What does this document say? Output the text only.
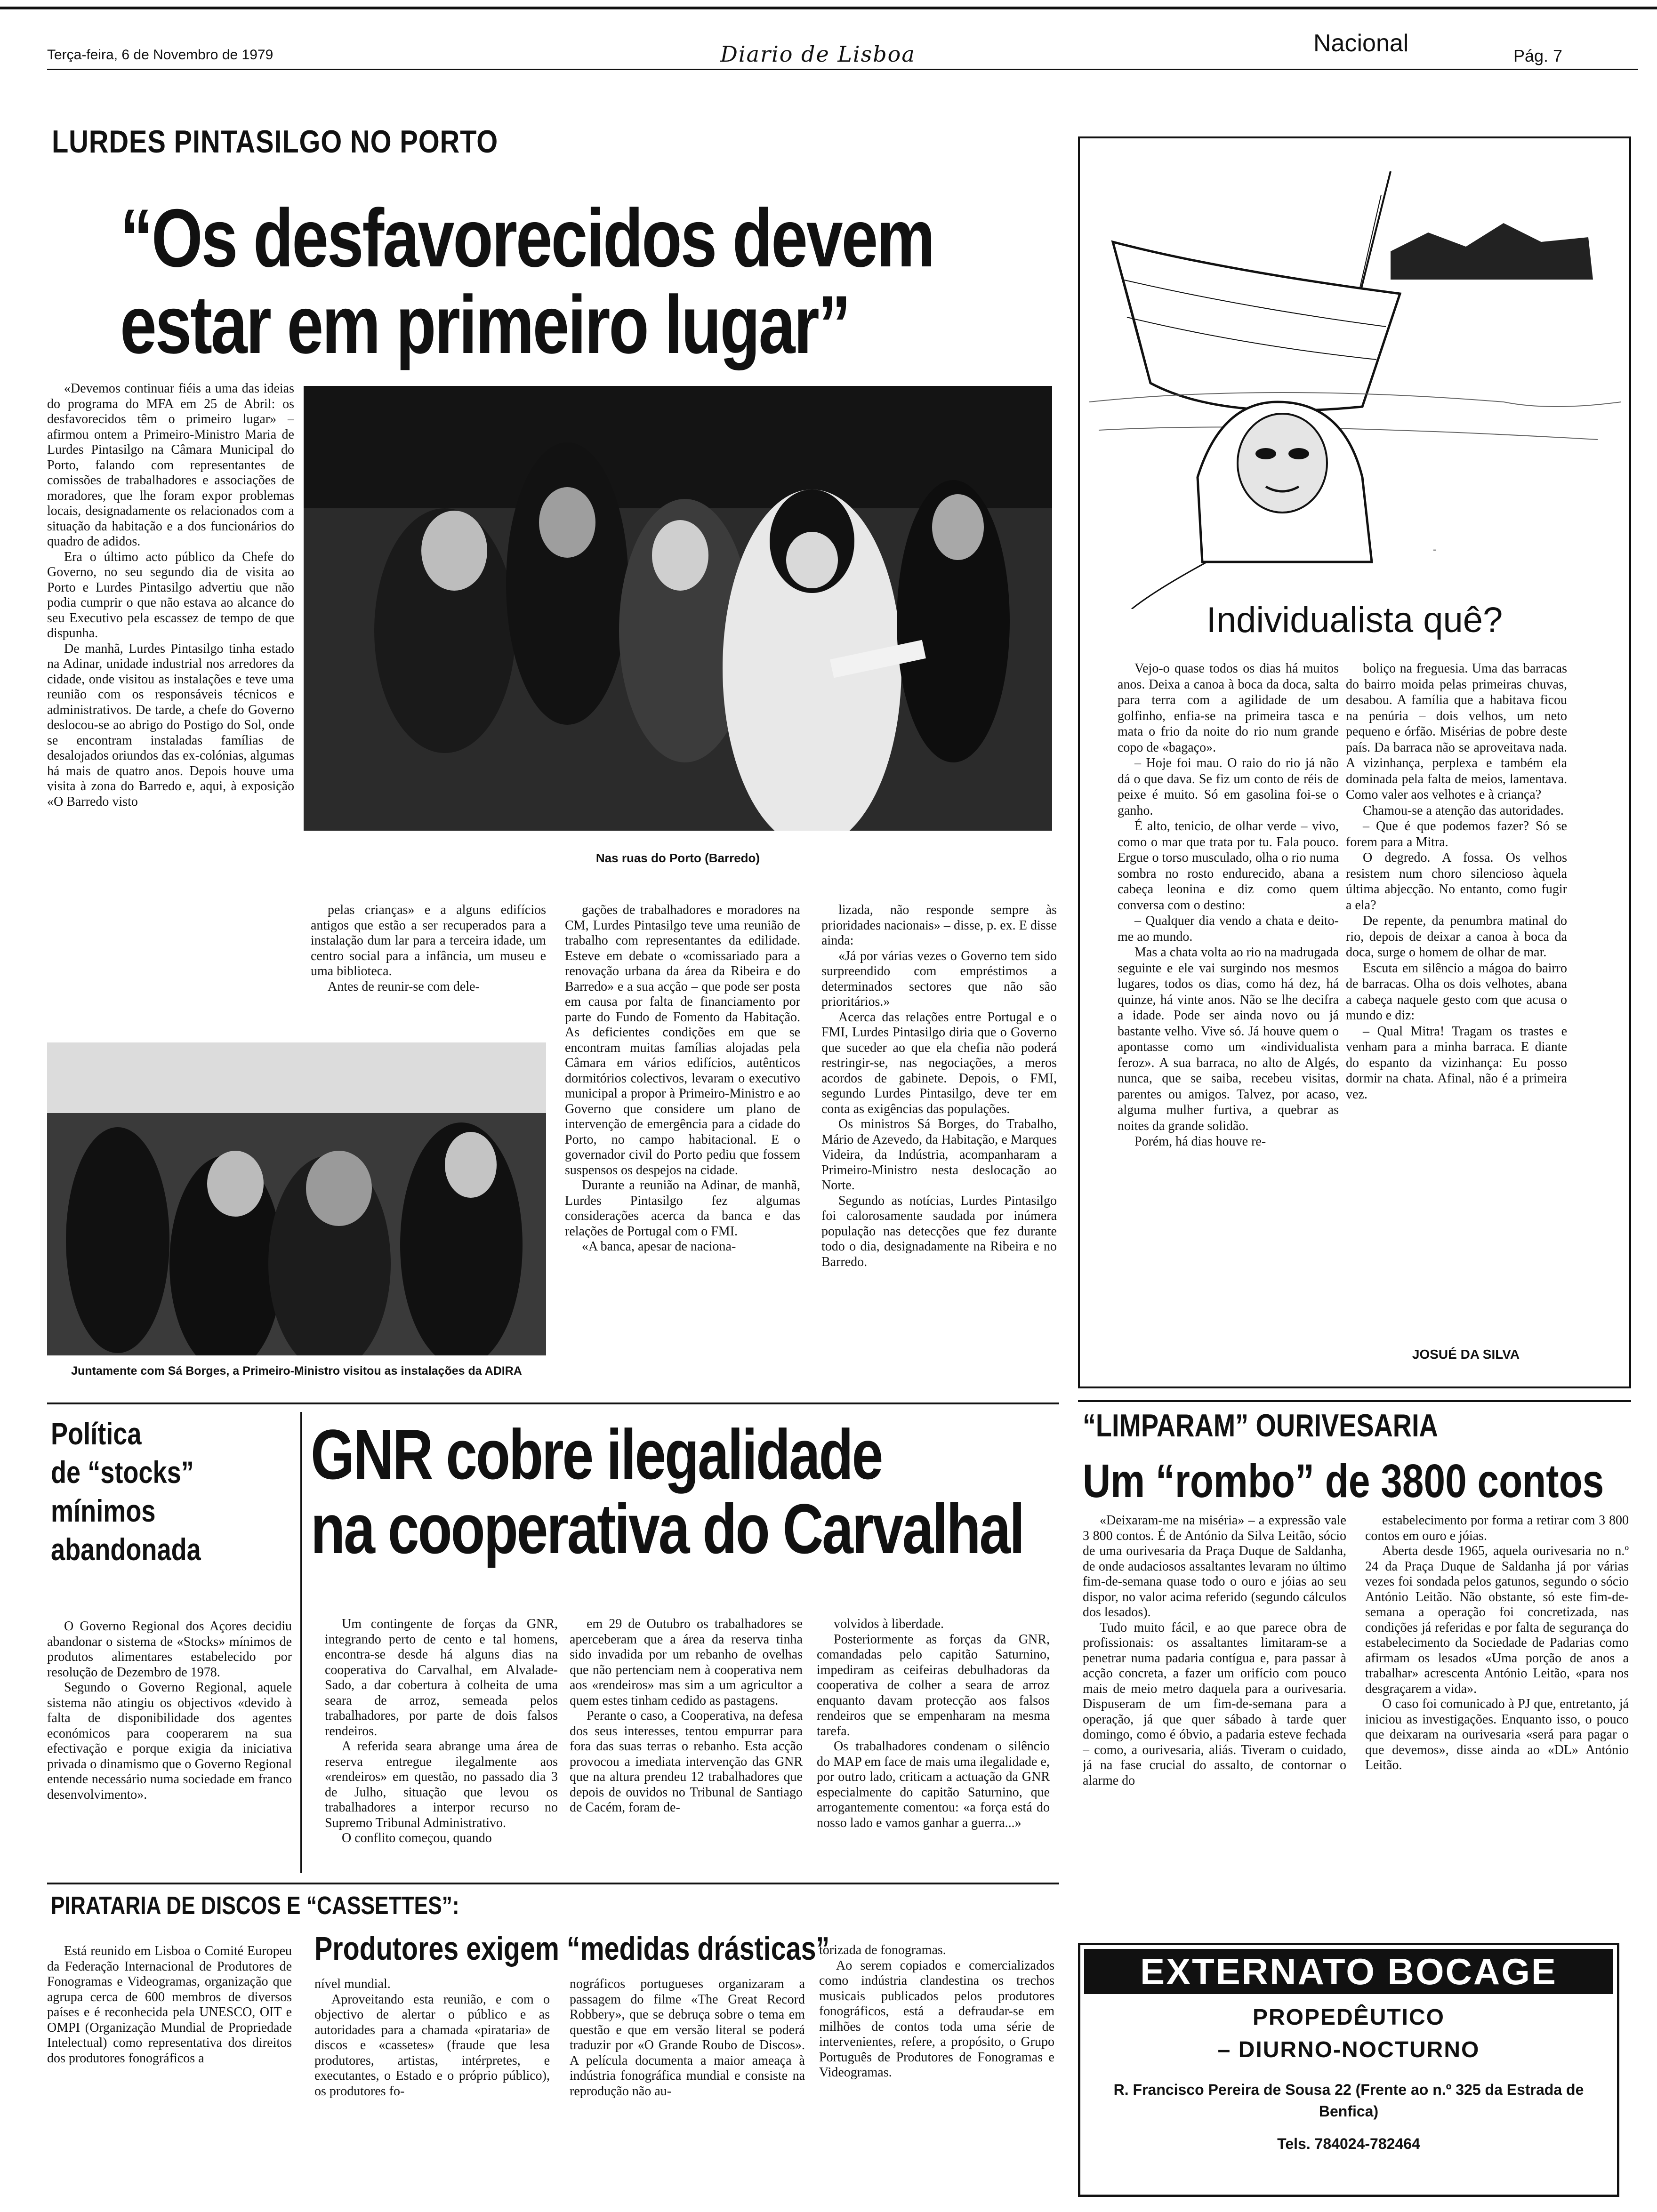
Terça-feira, 6 de Novembro de 1979	Diario de Lisboa	Nacional	Pág. 7
LURDES PINTASILGO NO PORTO
“Os desfavorecidos devem
estar em primeiro lugar”

«Devemos continuar fiéis a uma das ideias do programa do MFA em 25 de Abril: os desfavorecidos têm o primeiro lugar» – afirmou ontem a Primeiro-Ministro Maria de Lurdes Pintasilgo na Câmara Municipal do Porto, falando com representantes de comissões de trabalhadores e associações de moradores, que lhe foram expor problemas locais, designadamente os relacionados com a situação da habitação e a dos funcionários do quadro de adidos.

Era o último acto público da Chefe do Governo, no seu segundo dia de visita ao Porto e Lurdes Pintasilgo advertiu que não podia cumprir o que não estava ao alcance do seu Executivo pela escassez de tempo de que dispunha.

De manhã, Lurdes Pintasilgo tinha estado na Adinar, unidade industrial nos arredores da cidade, onde visitou as instalações e teve uma reunião com os responsáveis técnicos e administrativos. De tarde, a chefe do Governo deslocou-se ao abrigo do Postigo do Sol, onde se encontram instaladas famílias de desalojados oriundos das ex-colónias, algumas há mais de quatro anos. Depois houve uma visita à zona do Barredo e, aqui, à exposição «O Barredo visto

Nas ruas do Porto (Barredo)

pelas crianças» e a alguns edifícios antigos que estão a ser recuperados para a instalação dum lar para a terceira idade, um centro social para a infância, um museu e uma biblioteca.

Antes de reunir-se com dele-

gações de trabalhadores e moradores na CM, Lurdes Pintasilgo teve uma reunião de trabalho com representantes da edilidade. Esteve em debate o «comissariado para a renovação urbana da área da Ribeira e do Barredo» e a sua acção – que pode ser posta em causa por falta de financiamento por parte do Fundo de Fomento da Habitação. As deficientes condições em que se encontram muitas famílias alojadas pela Câmara em vários edifícios, autênticos dormitórios colectivos, levaram o executivo municipal a propor à Primeiro-Ministro e ao Governo que considere um plano de intervenção de emergência para a cidade do Porto, no campo habitacional. E o governador civil do Porto pediu que fossem suspensos os despejos na cidade.

Durante a reunião na Adinar, de manhã, Lurdes Pintasilgo fez algumas considerações acerca da banca e das relações de Portugal com o FMI.

«A banca, apesar de naciona-

lizada, não responde sempre às prioridades nacionais» – disse, p. ex. E disse ainda:

«Já por várias vezes o Governo tem sido surpreendido com empréstimos a determinados sectores que não são prioritários.»

Acerca das relações entre Portugal e o FMI, Lurdes Pintasilgo diria que o Governo que suceder ao que ela chefia não poderá restringir-se, nas negociações, a meros acordos de gabinete. Depois, o FMI, segundo Lurdes Pintasilgo, deve ter em conta as exigências das populações.

Os ministros Sá Borges, do Trabalho, Mário de Azevedo, da Habitação, e Marques Videira, da Indústria, acompanharam a Primeiro-Ministro nesta deslocação ao Norte.

Segundo as notícias, Lurdes Pintasilgo foi calorosamente saudada por inúmera população nas detecções que fez durante todo o dia, designadamente na Ribeira e no Barredo.

Juntamente com Sá Borges, a Primeiro-Ministro visitou as instalações da ADIRA
-
Individualista quê?

Vejo-o quase todos os dias há muitos anos. Deixa a canoa à boca da doca, salta para terra com a agilidade de um golfinho, enfia-se na primeira tasca e mata o frio da noite do rio num grande copo de «bagaço».

– Hoje foi mau. O raio do rio já não dá o que dava. Se fiz um conto de réis de peixe é muito. Só em gasolina foi-se o ganho.

É alto, tenicio, de olhar verde – vivo, como o mar que trata por tu. Fala pouco. Ergue o torso musculado, olha o rio numa sombra no rosto endurecido, abana a cabeça leonina e diz como quem conversa com o destino:

– Qualquer dia vendo a chata e deito-me ao mundo.

Mas a chata volta ao rio na madrugada seguinte e ele vai surgindo nos mesmos lugares, todos os dias, como há dez, há quinze, há vinte anos. Não se lhe decifra a idade. Pode ser ainda novo ou já bastante velho. Vive só. Já houve quem o apontasse como um «individualista feroz». A sua barraca, no alto de Algés, nunca, que se saiba, recebeu visitas, parentes ou amigos. Talvez, por acaso, alguma mulher furtiva, a quebrar as noites da grande solidão.

Porém, há dias houve re-

boliço na freguesia. Uma das barracas do bairro moida pelas primeiras chuvas, desabou. A família que a habitava ficou na penúria – dois velhos, um neto pequeno e órfão. Misérias de pobre deste país. Da barraca não se aproveitava nada. A vizinhança, perplexa e também ela dominada pela falta de meios, lamentava. Como valer aos velhotes e à criança?

Chamou-se a atenção das autoridades.

– Que é que podemos fazer? Só se forem para a Mitra.

O degredo. A fossa. Os velhos resistem num choro silencioso àquela última abjecção. No entanto, como fugir a ela?

De repente, da penumbra matinal do rio, depois de deixar a canoa à boca da doca, surge o homem de olhar de mar.

Escuta em silêncio a mágoa do bairro de barracas. Olha os dois velhotes, abana a cabeça naquele gesto com que acusa o mundo e diz:

– Qual Mitra! Tragam os trastes e venham para a minha barraca. E diante do espanto da vizinhança: Eu posso dormir na chata. Afinal, não é a primeira vez.

JOSUÉ DA SILVA
“LIMPARAM” OURIVESARIA
Um “rombo” de 3800 contos

«Deixaram-me na miséria» – a expressão vale 3 800 contos. É de António da Silva Leitão, sócio de uma ourivesaria da Praça Duque de Saldanha, de onde audaciosos assaltantes levaram no último fim-de-semana quase todo o ouro e jóias ao seu dispor, no valor acima referido (segundo cálculos dos lesados).

Tudo muito fácil, e ao que parece obra de profissionais: os assaltantes limitaram-se a penetrar numa padaria contígua e, para passar à acção concreta, a fazer um orifício com pouco mais de meio metro daquela para a ourivesaria. Dispuseram de um fim-de-semana para a operação, já que quer sábado à tarde quer domingo, como é óbvio, a padaria esteve fechada – como, a ourivesaria, aliás. Tiveram o cuidado, já na fase crucial do assalto, de contornar o alarme do

estabelecimento por forma a retirar com 3 800 contos em ouro e jóias.

Aberta desde 1965, aquela ourivesaria no n.º 24 da Praça Duque de Saldanha já por várias vezes foi sondada pelos gatunos, segundo o sócio António Leitão. Não obstante, só este fim-de-semana a operação foi concretizada, nas condições já referidas e por falta de segurança do estabelecimento da Sociedade de Padarias como afirmam os lesados «Uma porção de anos a trabalhar» acrescenta António Leitão, «para nos desgraçarem a vida».

O caso foi comunicado à PJ que, entretanto, já iniciou as investigações. Enquanto isso, o pouco que deixaram na ourivesaria «será para pagar o que devemos», disse ainda ao «DL» António Leitão.

Política
de “stocks”
mínimos
abandonada

O Governo Regional dos Açores decidiu abandonar o sistema de «Stocks» mínimos de produtos alimentares estabelecido por resolução de Dezembro de 1978.

Segundo o Governo Regional, aquele sistema não atingiu os objectivos «devido à falta de disponibilidade dos agentes económicos para cooperarem na sua efectivação e porque exigia da iniciativa privada o dinamismo que o Governo Regional entende necessário numa sociedade em franco desenvolvimento».

GNR cobre ilegalidade
na cooperativa do Carvalhal

Um contingente de forças da GNR, integrando perto de cento e tal homens, encontra-se desde há alguns dias na cooperativa do Carvalhal, em Alvalade-Sado, a dar cobertura à colheita de uma seara de arroz, semeada pelos trabalhadores, por parte de dois falsos rendeiros.

A referida seara abrange uma área de reserva entregue ilegalmente aos «rendeiros» em questão, no passado dia 3 de Julho, situação que levou os trabalhadores a interpor recurso no Supremo Tribunal Administrativo.

O conflito começou, quando

em 29 de Outubro os trabalhadores se aperceberam que a área da reserva tinha sido invadida por um rebanho de ovelhas que não pertenciam nem à cooperativa nem aos «rendeiros» mas sim a um agricultor a quem estes tinham cedido as pastagens.

Perante o caso, a Cooperativa, na defesa dos seus interesses, tentou empurrar para fora das suas terras o rebanho. Esta acção provocou a imediata intervenção das GNR que na altura prendeu 12 trabalhadores que depois de ouvidos no Tribunal de Santiago de Cacém, foram de-

volvidos à liberdade.

Posteriormente as forças da GNR, comandadas pelo capitão Saturnino, impediram as ceifeiras debulhadoras da cooperativa de colher a seara de arroz enquanto davam protecção aos falsos rendeiros que se empenharam na mesma tarefa.

Os trabalhadores condenam o silêncio do MAP em face de mais uma ilegalidade e, por outro lado, criticam a actuação da GNR especialmente do capitão Saturnino, que arrogantemente comentou: «a força está do nosso lado e vamos ganhar a guerra...»

PIRATARIA DE DISCOS E “CASSETTES”:
Produtores exigem “medidas drásticas”

Está reunido em Lisboa o Comité Europeu da Federação Internacional de Produtores de Fonogramas e Videogramas, organização que agrupa cerca de 600 membros de diversos países e é reconhecida pela UNESCO, OIT e OMPI (Organização Mundial de Propriedade Intelectual) como representativa dos direitos dos produtores fonográficos a

nível mundial.

Aproveitando esta reunião, e com o objectivo de alertar o público e as autoridades para a chamada «pirataria» de discos e «cassetes» (fraude que lesa produtores, artistas, intérpretes, e executantes, o Estado e o próprio público), os produtores fo-

nográficos portugueses organizaram a passagem do filme «The Great Record Robbery», que se debruça sobre o tema em questão e que em versão literal se poderá traduzir por «O Grande Roubo de Discos». A película documenta a maior ameaça à indústria fonográfica mundial e consiste na reprodução não au-

torizada de fonogramas.

Ao serem copiados e comercializados como indústria clandestina os trechos musicais publicados pelos produtores fonográficos, está a defraudar-se em milhões de contos toda uma série de intervenientes, refere, a propósito, o Grupo Português de Produtores de Fonogramas e Videogramas.

EXTERNATO BOCAGE
PROPEDÊUTICO
– DIURNO-NOCTURNO
R. Francisco Pereira de Sousa 22 (Frente ao n.º 325 da Estrada de Benfica)
Tels. 784024-782464
